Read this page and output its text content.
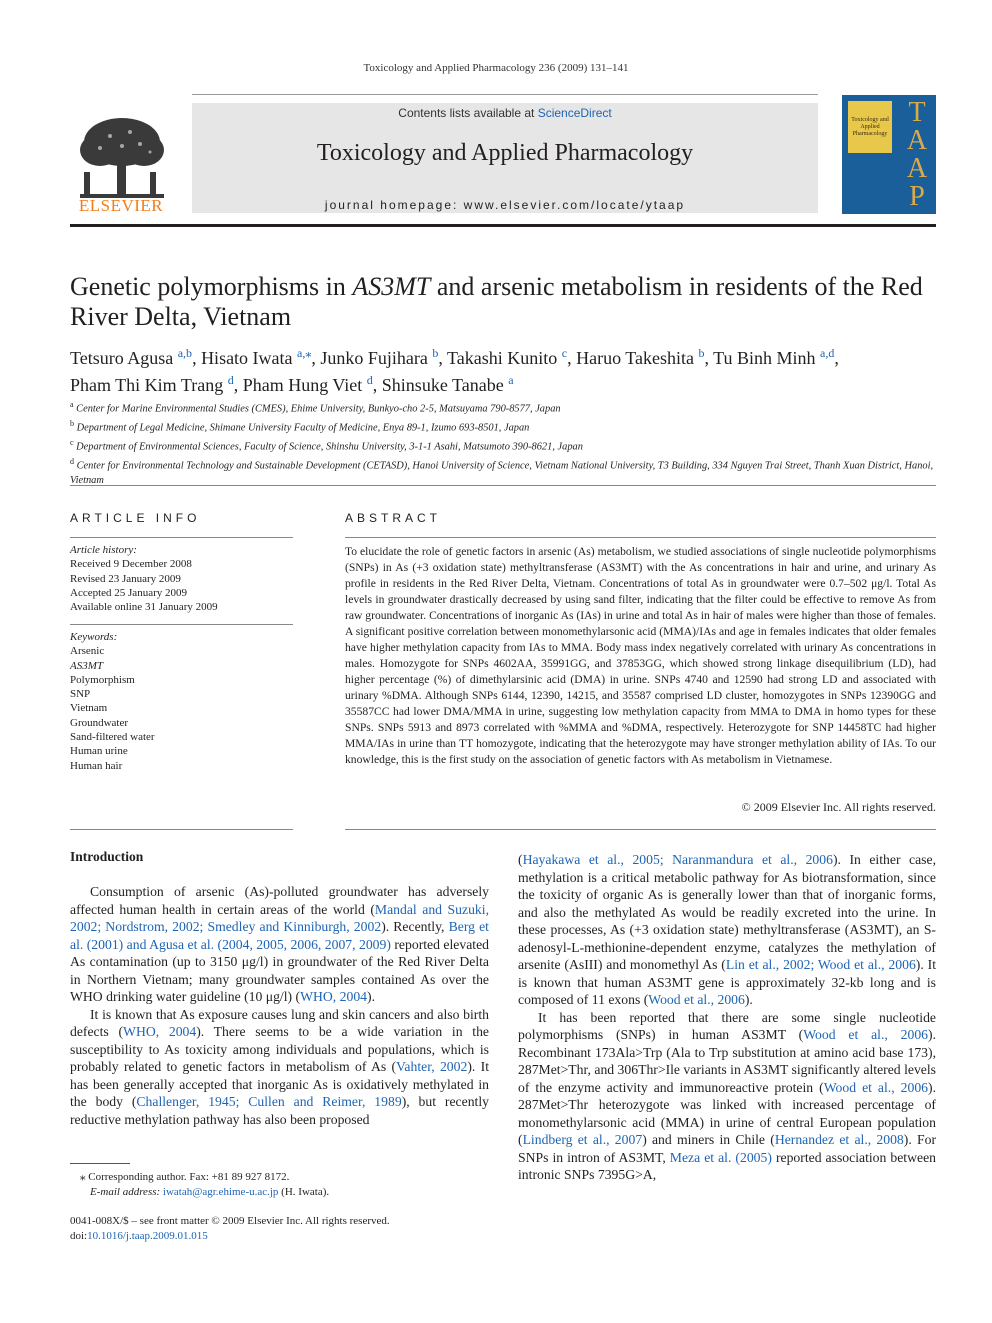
Toxicology and Applied Pharmacology 236 (2009) 131–141
ELSEVIER
Contents lists available at ScienceDirect
Toxicology and Applied Pharmacology
journal homepage: www.elsevier.com/locate/ytaap
Toxicology and Applied Pharmacology
TAAP
Genetic polymorphisms in AS3MT and arsenic metabolism in residents of the Red River Delta, Vietnam
Tetsuro Agusa $^{a,b}$, Hisato Iwata $^{a,⁎}$, Junko Fujihara $^b$, Takashi Kunito $^c$, Haruo Takeshita $^b$, Tu Binh Minh $^{a,d}$,
Pham Thi Kim Trang $^d$, Pham Hung Viet $^d$, Shinsuke Tanabe $^a$
$^a$ Center for Marine Environmental Studies (CMES), Ehime University, Bunkyo-cho 2-5, Matsuyama 790-8577, Japan
$^b$ Department of Legal Medicine, Shimane University Faculty of Medicine, Enya 89-1, Izumo 693-8501, Japan
$^c$ Department of Environmental Sciences, Faculty of Science, Shinshu University, 3-1-1 Asahi, Matsumoto 390-8621, Japan
$^d$ Center for Environmental Technology and Sustainable Development (CETASD), Hanoi University of Science, Vietnam National University, T3 Building, 334 Nguyen Trai Street, Thanh Xuan District, Hanoi, Vietnam
ARTICLE INFO
Article history:
Received 9 December 2008
Revised 23 January 2009
Accepted 25 January 2009
Available online 31 January 2009
Keywords:
Arsenic
AS3MT
Polymorphism
SNP
Vietnam
Groundwater
Sand-filtered water
Human urine
Human hair
ABSTRACT
To elucidate the role of genetic factors in arsenic (As) metabolism, we studied associations of single nucleotide polymorphisms (SNPs) in As (+3 oxidation state) methyltransferase (AS3MT) with the As concentrations in hair and urine, and urinary As profile in residents in the Red River Delta, Vietnam. Concentrations of total As in groundwater were 0.7–502 μg/l. Total As levels in groundwater drastically decreased by using sand filter, indicating that the filter could be effective to remove As from raw groundwater. Concentrations of inorganic As (IAs) in urine and total As in hair of males were higher than those of females. A significant positive correlation between monomethylarsonic acid (MMA)/IAs and age in females indicates that older females have higher methylation capacity from IAs to MMA. Body mass index negatively correlated with urinary As concentrations in males. Homozygote for SNPs 4602AA, 35991GG, and 37853GG, which showed strong linkage disequilibrium (LD), had higher percentage (%) of dimethylarsinic acid (DMA) in urine. SNPs 4740 and 12590 had strong LD and associated with urinary %DMA. Although SNPs 6144, 12390, 14215, and 35587 comprised LD cluster, homozygotes in SNPs 12390GG and 35587CC had lower DMA/MMA in urine, suggesting low methylation capacity from MMA to DMA in homo types for these SNPs. SNPs 5913 and 8973 correlated with %MMA and %DMA, respectively. Heterozygote for SNP 14458TC had higher MMA/IAs in urine than TT homozygote, indicating that the heterozygote may have stronger methylation ability of IAs. To our knowledge, this is the first study on the association of genetic factors with As metabolism in Vietnamese.
© 2009 Elsevier Inc. All rights reserved.
Introduction

Consumption of arsenic (As)-polluted groundwater has adversely affected human health in certain areas of the world (Mandal and Suzuki, 2002; Nordstrom, 2002; Smedley and Kinniburgh, 2002). Recently, Berg et al. (2001) and Agusa et al. (2004, 2005, 2006, 2007, 2009) reported elevated As contamination (up to 3150 μg/l) in groundwater of the Red River Delta in Northern Vietnam; many groundwater samples contained As over the WHO drinking water guideline (10 μg/l) (WHO, 2004).

It is known that As exposure causes lung and skin cancers and also birth defects (WHO, 2004). There seems to be a wide variation in the susceptibility to As toxicity among individuals and populations, which is probably related to genetic factors in metabolism of As (Vahter, 2002). It has been generally accepted that inorganic As is oxidatively methylated in the body (Challenger, 1945; Cullen and Reimer, 1989), but recently reductive methylation pathway has also been proposed

(Hayakawa et al., 2005; Naranmandura et al., 2006). In either case, methylation is a critical metabolic pathway for As biotransformation, since the toxicity of organic As is generally lower than that of inorganic forms, and also the methylated As would be readily excreted into the urine. In these processes, As (+3 oxidation state) methyltransferase (AS3MT), an S-adenosyl-L-methionine-dependent enzyme, catalyzes the methylation of arsenite (AsIII) and monomethyl As (Lin et al., 2002; Wood et al., 2006). It is known that human AS3MT gene is approximately 32-kb long and is composed of 11 exons (Wood et al., 2006).

It has been reported that there are some single nucleotide polymorphisms (SNPs) in human AS3MT (Wood et al., 2006). Recombinant 173Ala>Trp (Ala to Trp substitution at amino acid base 173), 287Met>Thr, and 306Thr>Ile variants in AS3MT significantly altered levels of the enzyme activity and immunoreactive protein (Wood et al., 2006). 287Met>Thr heterozygote was linked with increased percentage of monomethylarsonic acid (MMA) in urine of central European population (Lindberg et al., 2007) and miners in Chile (Hernandez et al., 2008). For SNPs in intron of AS3MT, Meza et al. (2005) reported association between intronic SNPs 7395G>A,

⁎ Corresponding author. Fax: +81 89 927 8172.
E-mail address: iwatah@agr.ehime-u.ac.jp (H. Iwata).
0041-008X/$ – see front matter © 2009 Elsevier Inc. All rights reserved.
doi:10.1016/j.taap.2009.01.015
